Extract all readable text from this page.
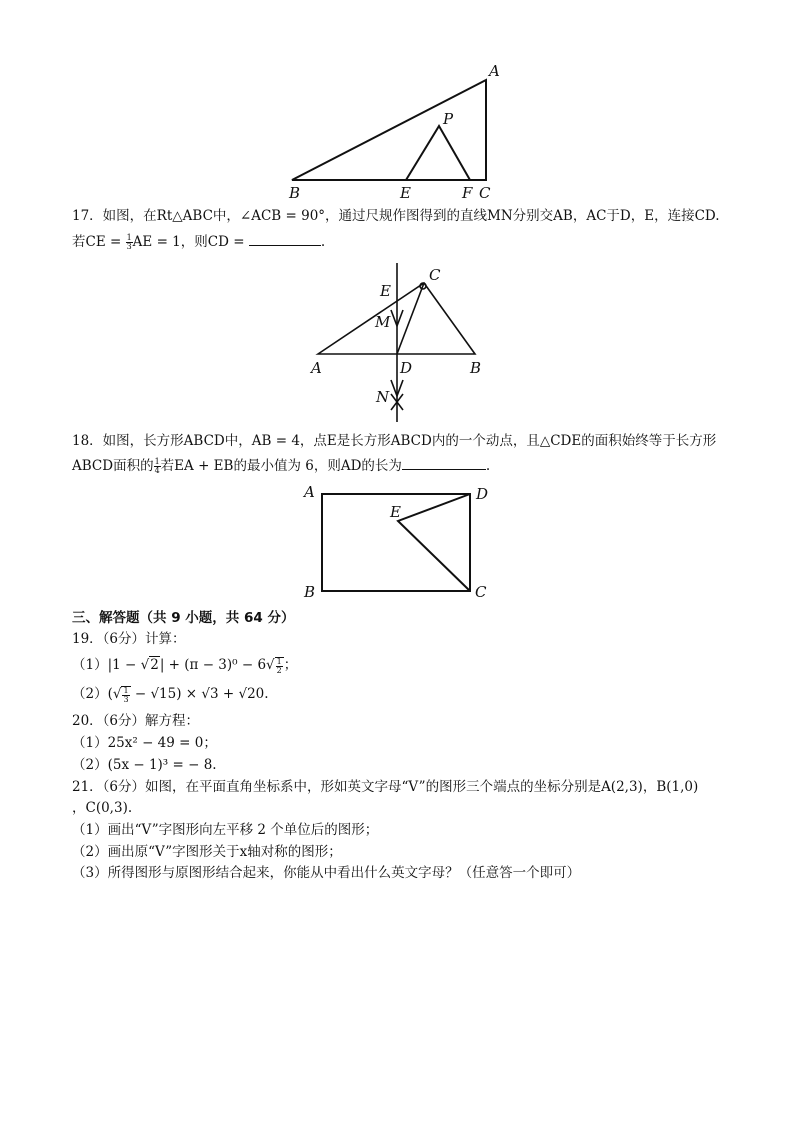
A
P
B	E	F C
C
E
M
A	D	B
N
A	D
E
B	C
17．如图，在Rt△ABC中，∠ACB = 90°，通过尺规作图得到的直线MN分别交AB，AC于D，E，连接CD.
若CE = $\frac{1}{3}$ AE = 1，则CD =	.
18．如图，长方形ABCD中，AB = 4，点E是长方形ABCD内的一个动点，且△CDE的面积始终等于长方形
ABCD面积的 $\frac{1}{4}$ 若EA + EB的最小值为 6，则AD的长为	.
三、解答题（共 9 小题，共 64 分）
19．（6分）计算：
$(1)|1 - √2| + (\pi - 3)^0 - 6√ \frac{1}{2}$ ；
$(2)(√ \frac{1}{3} - √15) \times √3 + √20$.
20．（6分）解方程：
（1）25x² − 49 = 0；
（2）(5x − 1)³ = − 8.
21．（6分）如图，在平面直角坐标系中，形如英文字母“V”的图形三个端点的坐标分别是A(2,3)，B(1,0)
，C(0,3).
（1）画出“V”字图形向左平移 2 个单位后的图形；
（2）画出原“V”字图形关于x轴对称的图形；
（3）所得图形与原图形结合起来，你能从中看出什么英文字母？（任意答一个即可）
